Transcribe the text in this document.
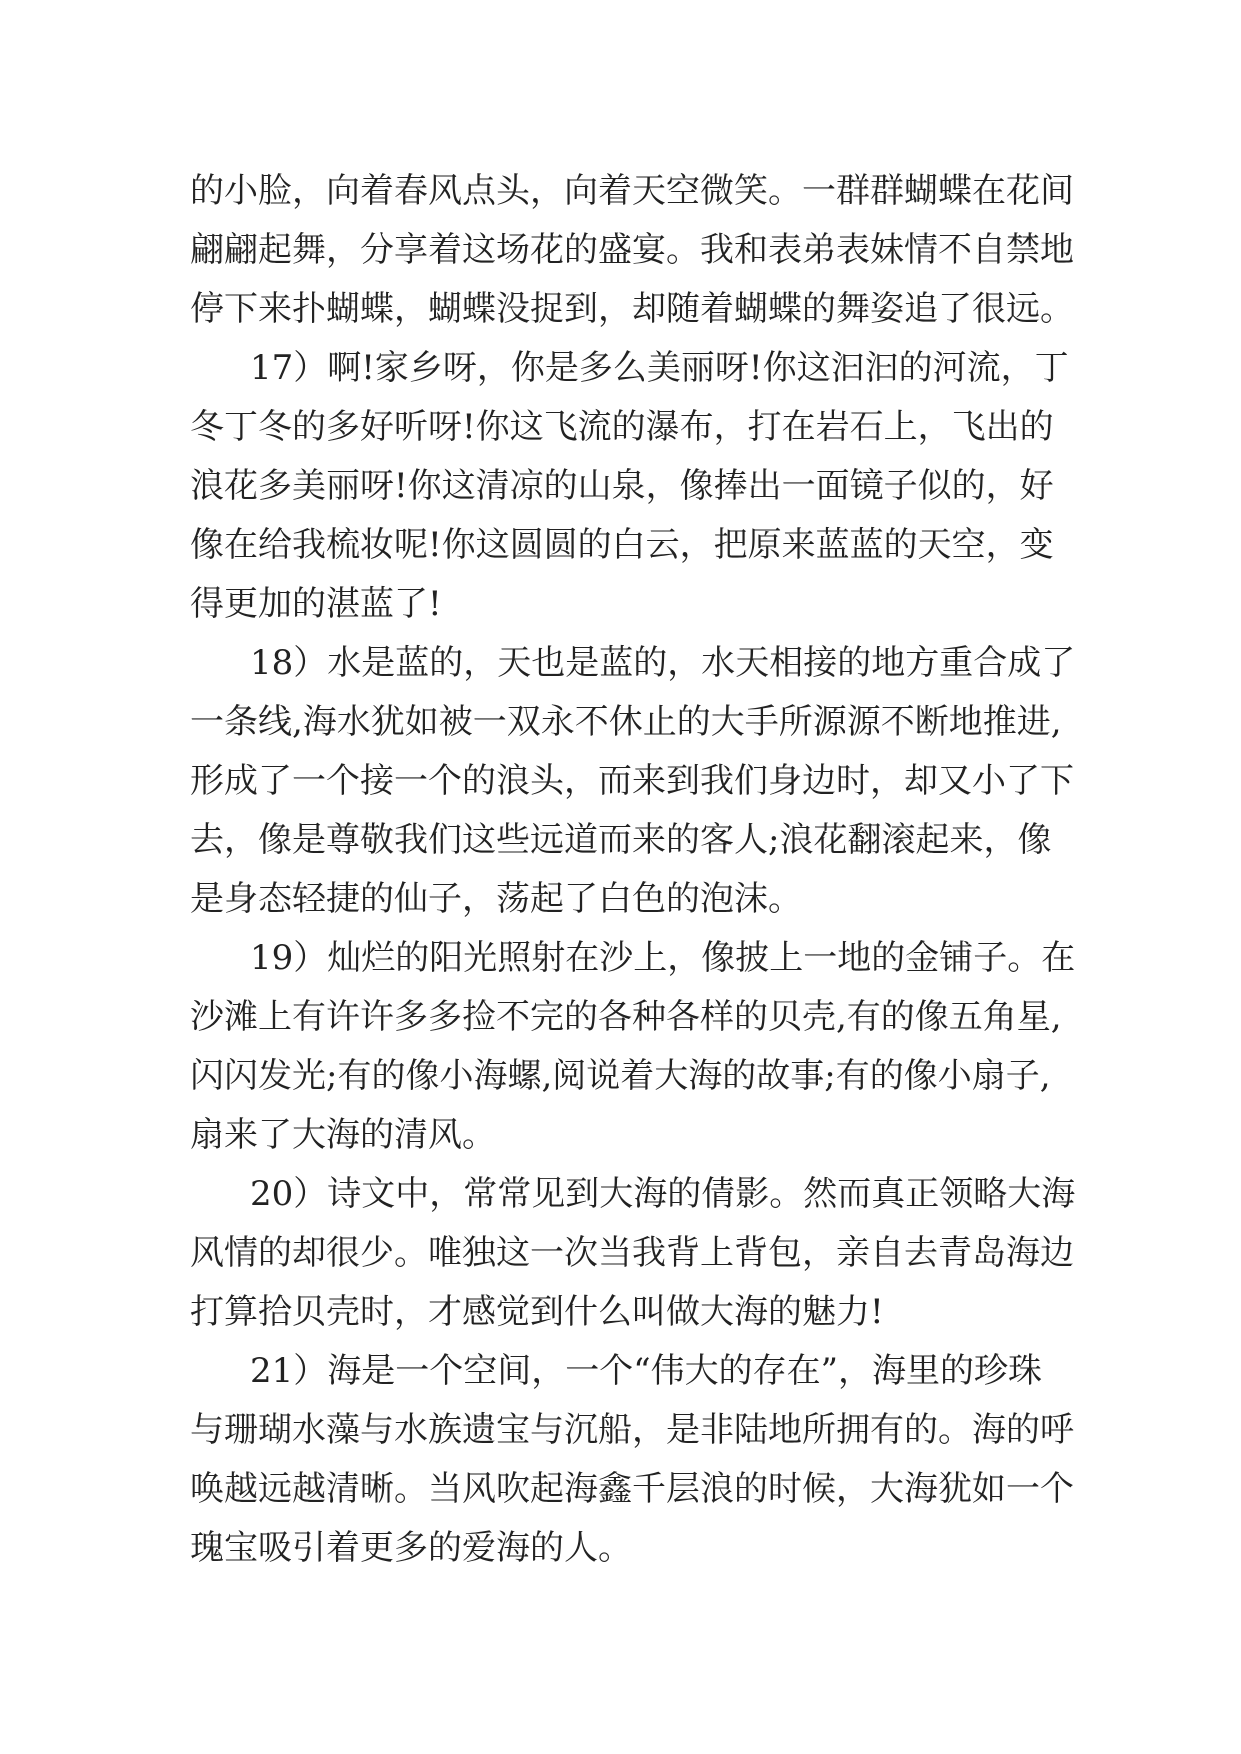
的小脸，向着春风点头，向着天空微笑。一群群蝴蝶在花间
翩翩起舞，分享着这场花的盛宴。我和表弟表妹情不自禁地
停下来扑蝴蝶，蝴蝶没捉到，却随着蝴蝶的舞姿追了很远。
17）啊!家乡呀，你是多么美丽呀!你这汩汩的河流，丁
冬丁冬的多好听呀!你这飞流的瀑布，打在岩石上，飞出的
浪花多美丽呀!你这清凉的山泉，像捧出一面镜子似的，好
像在给我梳妆呢!你这圆圆的白云，把原来蓝蓝的天空，变
得更加的湛蓝了!
18）水是蓝的，天也是蓝的，水天相接的地方重合成了
一条线,海水犹如被一双永不休止的大手所源源不断地推进,
形成了一个接一个的浪头，而来到我们身边时，却又小了下
去，像是尊敬我们这些远道而来的客人;浪花翻滚起来，像
是身态轻捷的仙子，荡起了白色的泡沫。
19）灿烂的阳光照射在沙上，像披上一地的金铺子。在
沙滩上有许许多多捡不完的各种各样的贝壳,有的像五角星,
闪闪发光;有的像小海螺,阅说着大海的故事;有的像小扇子,
扇来了大海的清风。
20）诗文中，常常见到大海的倩影。然而真正领略大海
风情的却很少。唯独这一次当我背上背包，亲自去青岛海边
打算拾贝壳时，才感觉到什么叫做大海的魅力!
21）海是一个空间，一个“伟大的存在”，海里的珍珠
与珊瑚水藻与水族遗宝与沉船，是非陆地所拥有的。海的呼
唤越远越清晰。当风吹起海鑫千层浪的时候，大海犹如一个
瑰宝吸引着更多的爱海的人。
